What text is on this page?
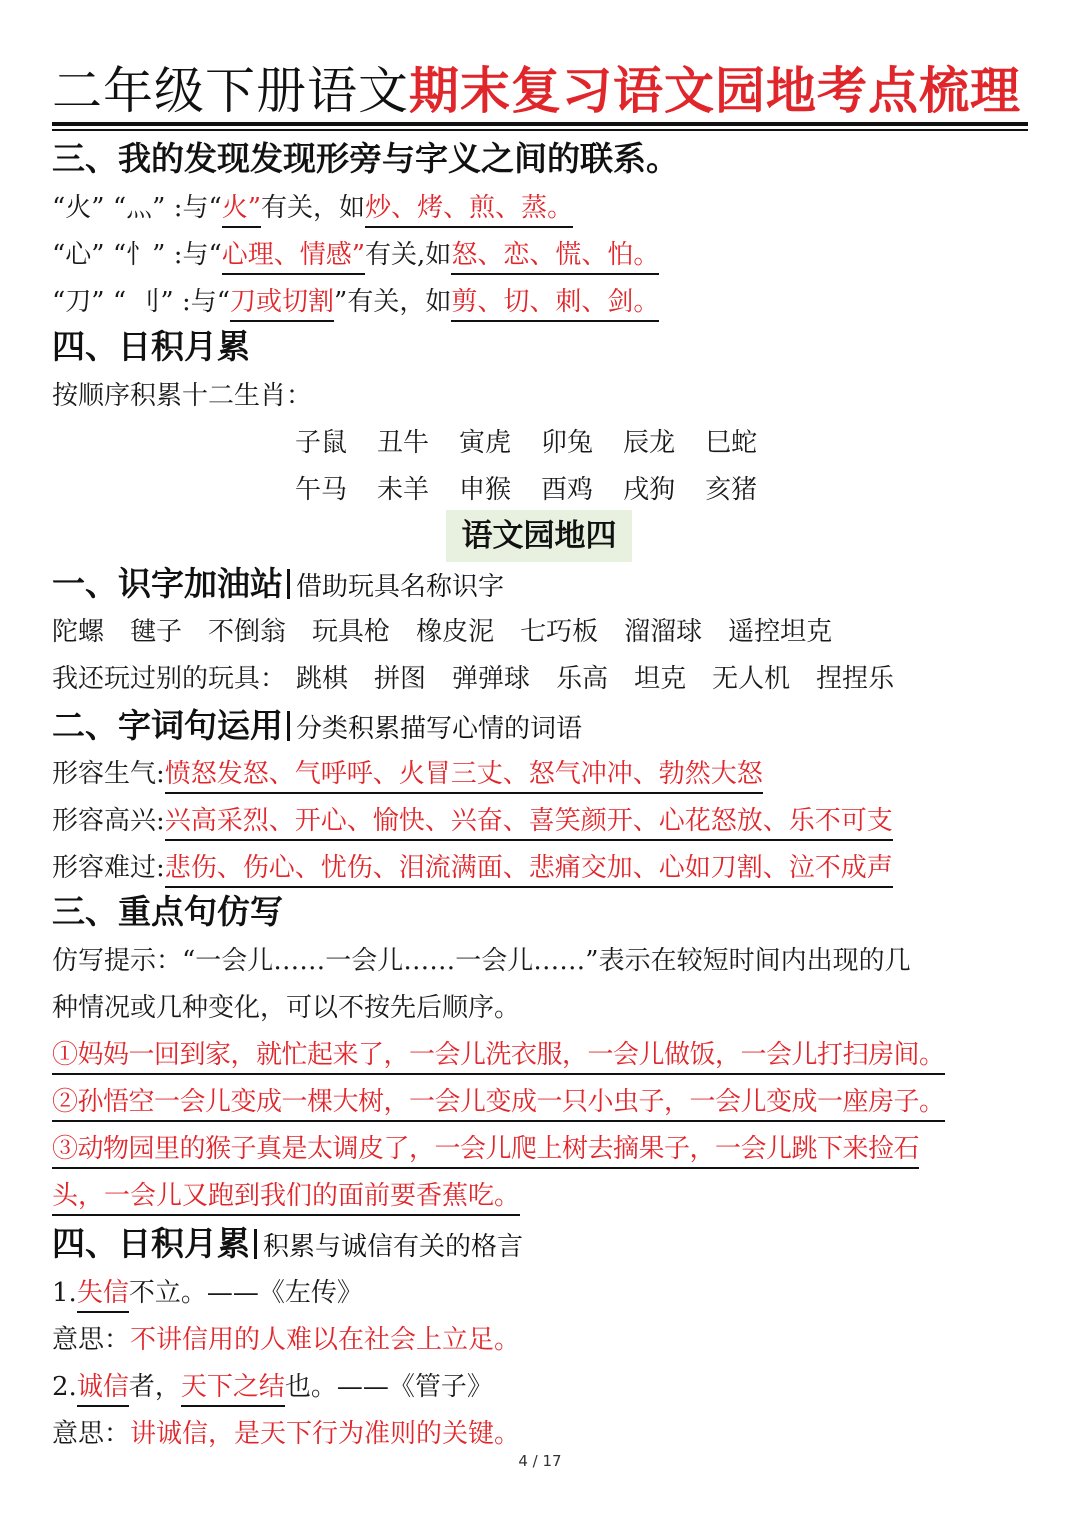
二年级下册语文期末复习语文园地考点梳理
三、我的发现发现形旁与字义之间的联系。
“火” “灬” :与“火”有关，如炒、烤、煎、蒸。
“心” “忄” :与“心理、情感”有关,如怒、恋、慌、怕。
“刀” “ 刂” :与“刀或切割”有关，如剪、切、刺、剑。
四、日积月累
按顺序积累十二生肖：
子鼠 丑牛 寅虎 卯兔 辰龙 巳蛇
午马 未羊 申猴 酉鸡 戌狗 亥猪
语文园地四
一、识字加油站 借助玩具名称识字
陀螺 毽子 不倒翁 玩具枪 橡皮泥 七巧板 溜溜球 遥控坦克
我还玩过别的玩具： 跳棋 拼图 弹弹球 乐高 坦克 无人机 捏捏乐
二、字词句运用 分类积累描写心情的词语
形容生气:愤怒发怒、气呼呼、火冒三丈、怒气冲冲、勃然大怒
形容高兴:兴高采烈、开心、愉快、兴奋、喜笑颜开、心花怒放、乐不可支
形容难过:悲伤、伤心、忧伤、泪流满面、悲痛交加、心如刀割、泣不成声
三、重点句仿写
仿写提示：“一会儿……一会儿……一会儿……”表示在较短时间内出现的几
种情况或几种变化，可以不按先后顺序。
①妈妈一回到家，就忙起来了，一会儿洗衣服，一会儿做饭，一会儿打扫房间。
②孙悟空一会儿变成一棵大树，一会儿变成一只小虫子，一会儿变成一座房子。
③动物园里的猴子真是太调皮了，一会儿爬上树去摘果子，一会儿跳下来捡石
头，一会儿又跑到我们的面前要香蕉吃。
四、日积月累 积累与诚信有关的格言
1.失信不立。——《左传》
意思：不讲信用的人难以在社会上立足。
2.诚信者，天下之结也。——《管子》
意思：讲诚信，是天下行为准则的关键。
4 / 17
